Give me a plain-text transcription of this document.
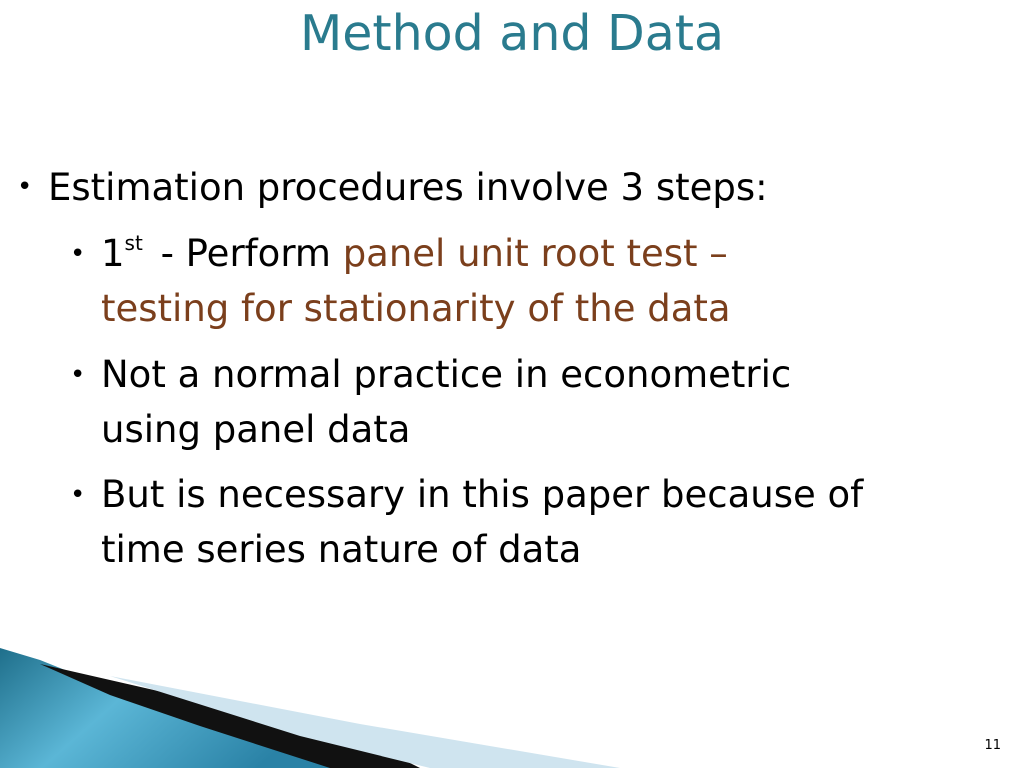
Method and Data
• Estimation procedures involve 3 steps:
• 1st - Perform panel unit root test –
testing for stationarity of the data
• Not a normal practice in econometric
using panel data
• But is necessary in this paper because of
time series nature of data
11
